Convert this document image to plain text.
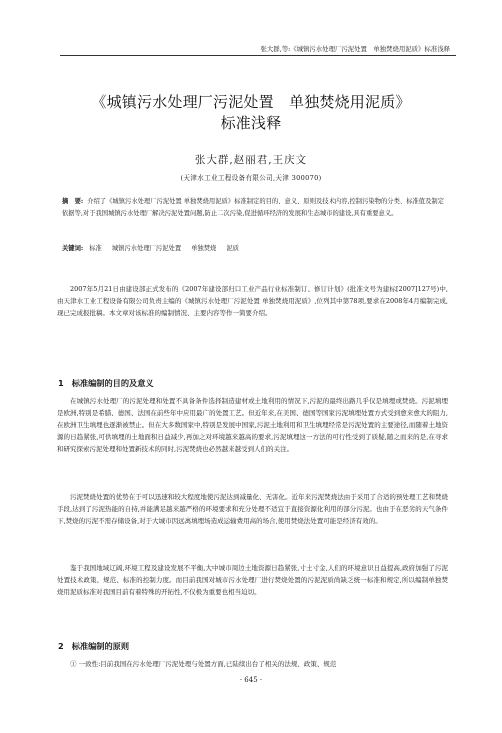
张大群,等:《城镇污水处理厂污泥处置　单独焚烧用泥质》标准浅释
《城镇污水处理厂污泥处置　单独焚烧用泥质》
标准浅释
张大群,赵丽君,王庆文
(天津水工业工程设备有限公司,天津 300070)
摘　要: 介绍了《城镇污水处理厂污泥处置 单独焚烧用泥质》标准制定的目的、意义、原则及技术内容,控制污染物的分类、标准值及制定依据等,对于我国城镇污水处理厂解决污泥处置问题,防止二次污染,促进循环经济的发展和生态城市的建设,具有重要意义。
关键词: 标准 城镇污水处理厂污泥处置 单独焚烧 泥质
2007年5月21日由建设部正式发布的《2007年建设部归口工业产品行业标准制订、修订计划》(批准文号为建标[2007]127号)中,由天津水工业工程设备有限公司负责主编的《城镇污水处理厂污泥处置 单独焚烧用泥质》,位列其中第78项,要求在2008年4月编制完成,现已完成报批稿。本文章对该标准的编制情况、主要内容等作一简要介绍。
1 标准编制的目的及意义
在城镇污水处理厂的污泥处理和处置不具备条件选择制造建材或土地利用的情况下,污泥的最终出路几乎仅是填埋或焚烧。污泥填埋是欧洲,特别是希腊、德国、法国在前些年中应用最广的处置工艺。但近年来,在美国、德国等国家污泥填埋处置方式受到愈来愈大的阻力,在欧洲卫生填埋也逐渐被禁止。但在大多数国家中,特别是发展中国家,污泥土地利用和卫生填埋经常是污泥处置的主要途径,而随着土地资源的日趋紧张,可供填埋的土地面积日益减少,再加之对环境越来越高的要求,污泥填埋这一方法的可行性受到了质疑,随之而来的是,在寻求和研究探索污泥处理和处置新技术的同时,污泥焚烧也必然越来越受到人们的关注。
污泥焚烧处置的优势在于可以迅速和较大程度地使污泥达到减量化、无害化。近年来污泥焚烧法由于采用了合适的预处理工艺和焚烧手段,达到了污泥热能的自持,并能满足越来越严格的环境要求和充分处理不适宜于直接资源化利用的部分污泥。也由于在恶劣的天气条件下,焚烧的污泥不需存储设备,对于大城市因远离填埋场造成运输费用高的场合,使用焚烧法处置可能是经济有效的。
鉴于我国地域辽阔,环境工程及建设发展不平衡,大中城市周边土地资源日趋紧张,寸土寸金,人们的环境意识日益提高,政府加强了污泥处置技术政策、规范、标准的控制力度。而目前我国对城市污水处理厂进行焚烧处置的污泥泥质尚缺乏统一标准和规定,所以编制单独焚烧用泥质标准对我国目前有着特殊的开拓性,不仅极为重要也相当迫切。
2 标准编制的原则
① 一致性:目前我国在污水处理厂污泥处理与处置方面,已陆续出台了相关的法规、政策、规范
· 645 ·
